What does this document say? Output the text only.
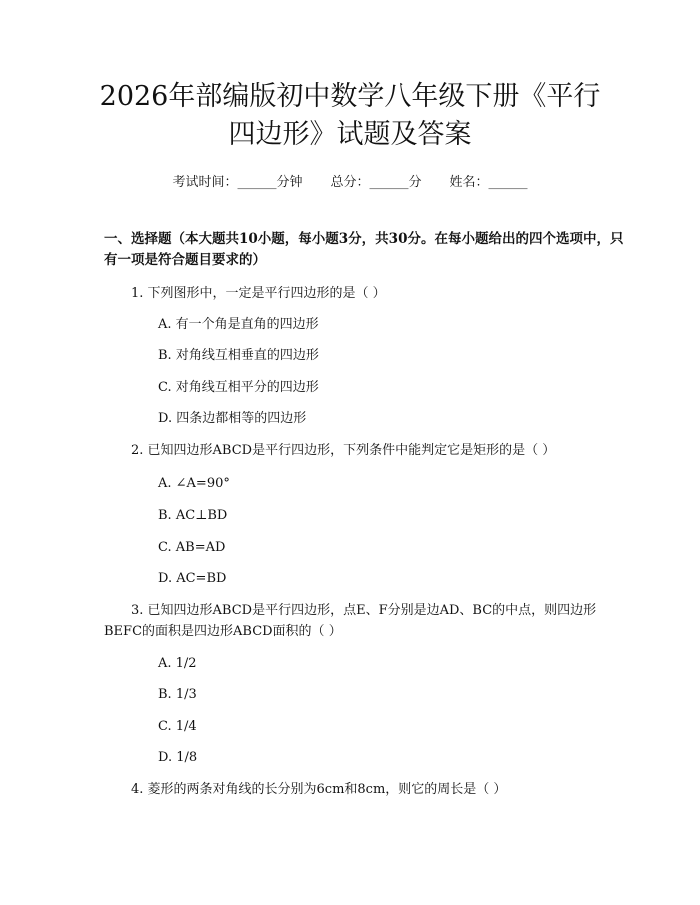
2026年部编版初中数学八年级下册《平行四边形》试题及答案
考试时间：______分钟 总分：______分 姓名：______

一、选择题（本大题共10小题，每小题3分，共30分。在每小题给出的四个选项中，只有一项是符合题目要求的）

1. 下列图形中，一定是平行四边形的是（ ）

A. 有一个角是直角的四边形

B. 对角线互相垂直的四边形

C. 对角线互相平分的四边形

D. 四条边都相等的四边形

2. 已知四边形ABCD是平行四边形，下列条件中能判定它是矩形的是（ ）

A. ∠A=90°

B. AC⊥BD

C. AB=AD

D. AC=BD

3. 已知四边形ABCD是平行四边形，点E、F分别是边AD、BC的中点，则四边形BEFC的面积是四边形ABCD面积的（ ）

A. 1/2

B. 1/3

C. 1/4

D. 1/8

4. 菱形的两条对角线的长分别为6cm和8cm，则它的周长是（ ）
